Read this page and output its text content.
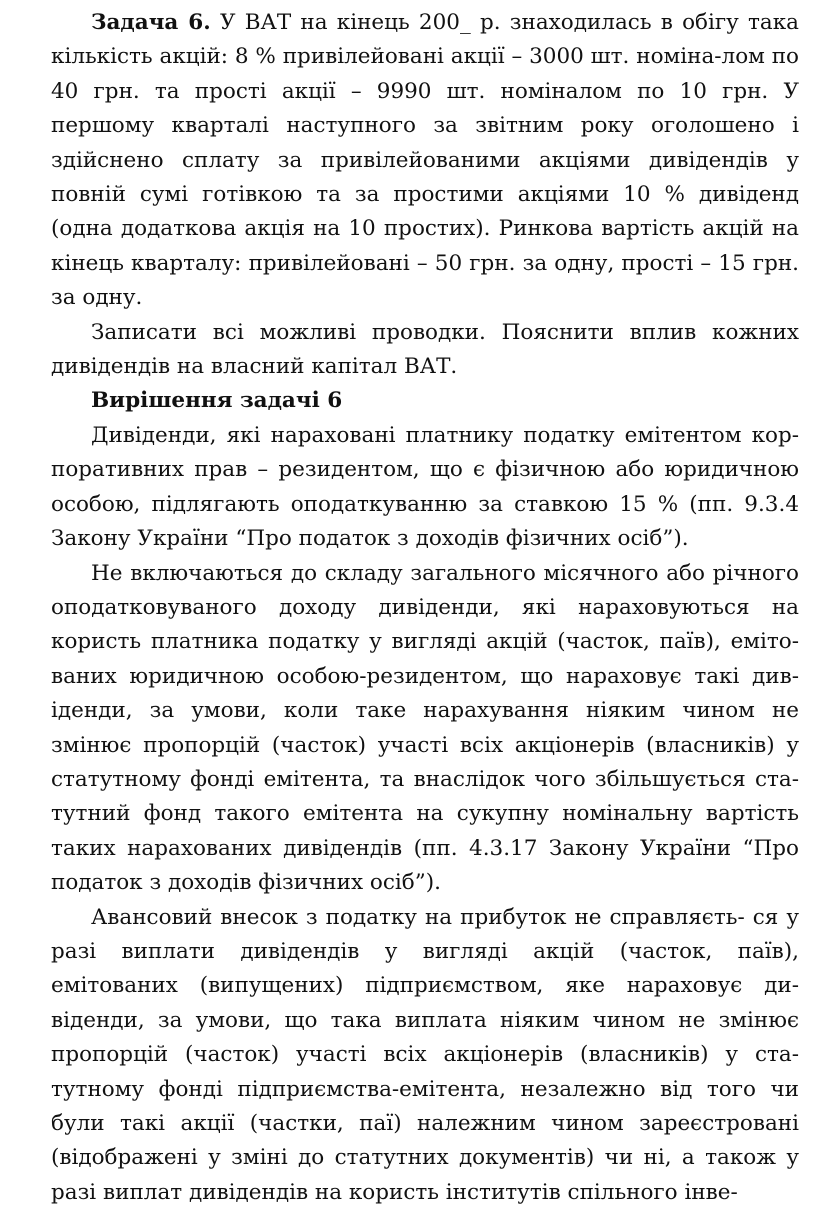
Задача 6. У ВАТ на кінець 200_ р. знаходилась в обігу така кількість акцій: 8 % привілейовані акції – 3000 шт. номіна-лом по 40 грн. та прості акції – 9990 шт. номіналом по 10 грн. У першому кварталі наступного за звітним року оголошено і здійснено сплату за привілейованими акціями дивідендів у повній сумі готівкою та за простими акціями 10 % дивіденд (одна додаткова акція на 10 простих). Ринкова вартість акцій на кінець кварталу: привілейовані – 50 грн. за одну, прості – 15 грн. за одну.

Записати всі можливі проводки. Пояснити вплив кожних дивідендів на власний капітал ВАТ.

Вирішення задачі 6

Дивіденди, які нараховані платнику податку емітентом корпоративних прав – резидентом, що є фізичною або юридичною особою, підлягають оподаткуванню за ставкою 15 % (пп. 9.3.4 Закону України “Про податок з доходів фізичних осіб”).

Не включаються до складу загального місячного або річного оподатковуваного доходу дивіденди, які нараховуються на користь платника податку у вигляді акцій (часток, паїв), емітованих юридичною особою-резидентом, що нараховує такі дивіденди, за умови, коли таке нарахування ніяким чином не змінює пропорцій (часток) участі всіх акціонерів (власників) у статутному фонді емітента, та внаслідок чого збільшується статутний фонд такого емітента на сукупну номінальну вартість таких нарахованих дивідендів (пп. 4.3.17 Закону України “Про податок з доходів фізичних осіб”).

Авансовий внесок з податку на прибуток не справляєть- ся у разі виплати дивідендів у вигляді акцій (часток, паїв), емітованих (випущених) підприємством, яке нараховує дивіденди, за умови, що така виплата ніяким чином не змінює пропорцій (часток) участі всіх акціонерів (власників) у статутному фонді підприємства-емітента, незалежно від того чи були такі акції (частки, паї) належним чином зареєстровані (відображені у зміні до статутних документів) чи ні, а також у разі виплат дивідендів на користь інститутів спільного інве-
